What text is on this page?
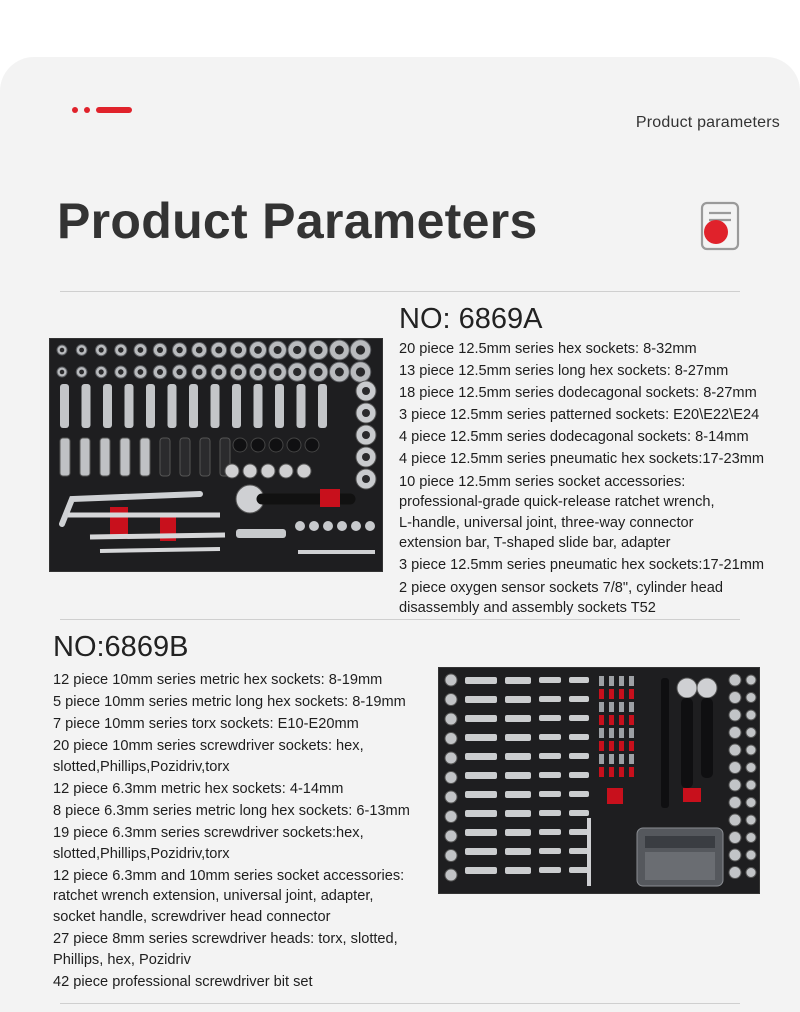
Product parameters
Product Parameters
NO: 6869A
20 piece 12.5mm series hex sockets: 8-32mm
13 piece 12.5mm series long hex sockets: 8-27mm
18 piece 12.5mm series dodecagonal sockets: 8-27mm
3 piece 12.5mm series patterned sockets: E20\E22\E24
4 piece 12.5mm series dodecagonal sockets: 8-14mm
4 piece 12.5mm series pneumatic hex sockets:17-23mm
10 piece 12.5mm series socket accessories:
professional-grade quick-release ratchet wrench,
L-handle, universal joint, three-way connector
extension bar, T-shaped slide bar, adapter
3 piece 12.5mm series pneumatic hex sockets:17-21mm
2 piece oxygen sensor sockets 7/8", cylinder head
disassembly and assembly sockets T52
NO:6869B
12 piece 10mm series metric hex sockets: 8-19mm
5 piece 10mm series metric long hex sockets: 8-19mm
7 piece 10mm series torx sockets: E10-E20mm
20 piece 10mm series screwdriver sockets: hex,
slotted,Phillips,Pozidriv,torx
12 piece 6.3mm metric hex sockets: 4-14mm
8 piece 6.3mm series metric long hex sockets: 6-13mm
19 piece 6.3mm series screwdriver sockets:hex,
slotted,Phillips,Pozidriv,torx
12 piece 6.3mm and 10mm series socket accessories:
ratchet wrench extension, universal joint, adapter,
socket handle, screwdriver head connector
27 piece 8mm series screwdriver heads: torx, slotted,
Phillips, hex, Pozidriv
42 piece professional screwdriver bit set
